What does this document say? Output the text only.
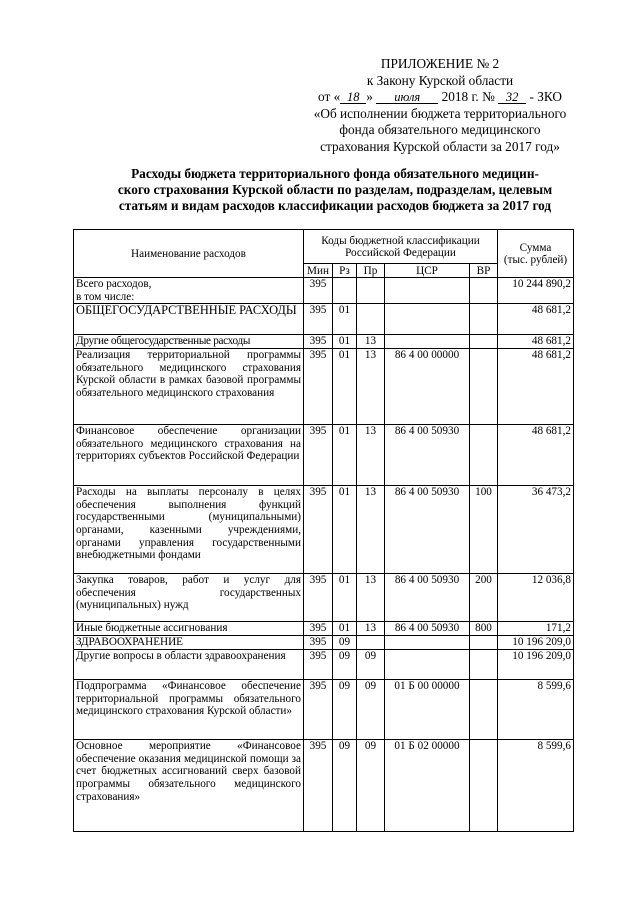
ПРИЛОЖЕНИЕ № 2
к Закону Курской области
от « 18 » июля 2018 г. № 32 - ЗКО
«Об исполнении бюджета территориального
фонда обязательного медицинского
страхования Курской области за 2017 год»
Расходы бюджета территориального фонда обязательного медицин-
ского страхования Курской области по разделам, подразделам, целевым
статьям и видам расходов классификации расходов бюджета за 2017 год
Наименование расходов	Коды бюджетной классификации Российской Федерации					Сумма
(тыс. рублей)

	Мин	Рз	Пр	ЦСР	ВР	
Всего расходов,
в том числе:	395					10 244 890,2
ОБЩЕГОСУДАРСТВЕННЫЕ РАСХОДЫ	395	01				48 681,2
Другие общегосударственные расходы	395	01	13			48 681,2
Реализация территориальной программы обязательного медицинского страхования Курской области в рамках базовой программы обязательного медицинского страхования	395	01	13	86 4 00 00000		48 681,2
Финансовое обеспечение организации обязательного медицинского страхования на территориях субъектов Российской Федерации	395	01	13	86 4 00 50930		48 681,2
Расходы на выплаты персоналу в целях обеспечения выполнения функций государственными (муниципальными) органами, казенными учреждениями, органами управления государственными внебюджетными фондами	395	01	13	86 4 00 50930	100	36 473,2
Закупка товаров, работ и услуг для обеспечения государственных (муниципальных) нужд	395	01	13	86 4 00 50930	200	12 036,8
Иные бюджетные ассигнования	395	01	13	86 4 00 50930	800	171,2
ЗДРАВООХРАНЕНИЕ	395	09				10 196 209,0
Другие вопросы в области здравоохранения	395	09	09			10 196 209,0
Подпрограмма «Финансовое обеспечение территориальной программы обязательного медицинского страхования Курской области»	395	09	09	01 Б 00 00000		8 599,6
Основное мероприятие «Финансовое обеспечение оказания медицинской помощи за счет бюджетных ассигнований сверх базовой программы обязательного медицинского страхования»	395	09	09	01 Б 02 00000		8 599,6
